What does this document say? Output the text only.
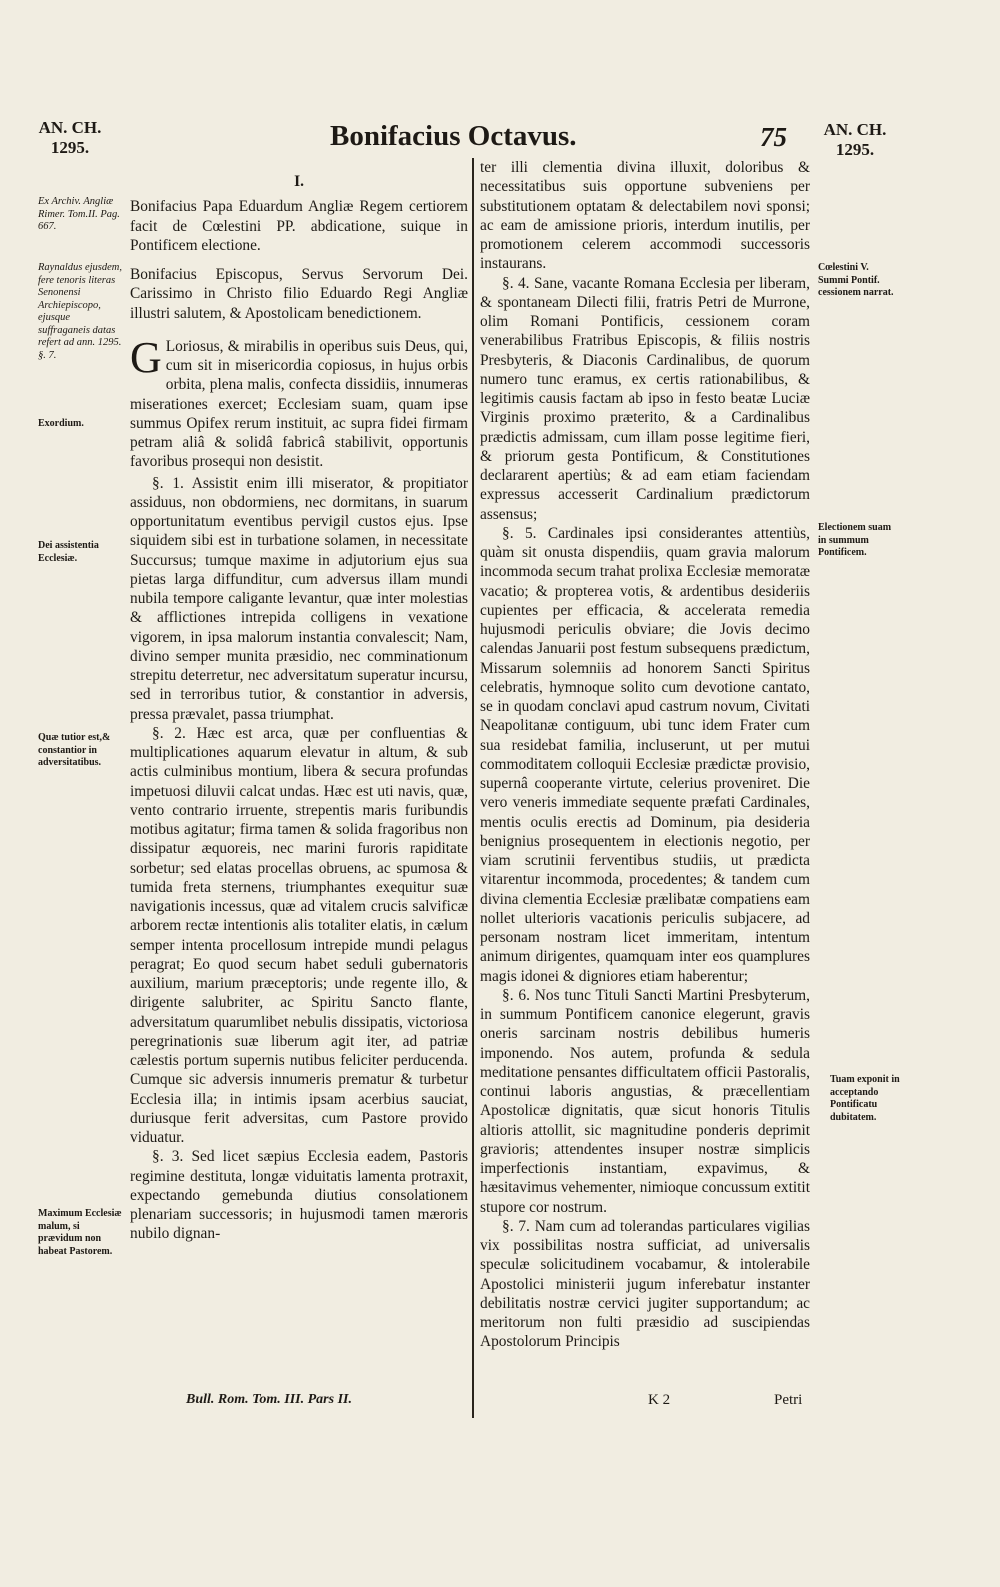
AN. CH.
1295.	Bonifacius Octavus.	75	AN. CH.
1295.
Ex Archiv. Angliæ Rimer. Tom.II. Pag. 667.
Raynaldus ejusdem, fere tenoris literas Senonensi Archiepiscopo, ejusque suffraganeis datas refert ad ann. 1295. §. 7.
Exordium.
Dei assistentia Ecclesiæ.
Quæ tutior est,& constantior in adversitatibus.
Maximum Ecclesiæ malum, si prævidum non habeat Pastorem.
Cœlestini V. Summi Pontif. cessionem narrat.
Electionem suam in summum Pontificem.
Tuam exponit in acceptando Pontificatu dubitatem.

I.

Bonifacius Papa Eduardum Angliæ Regem certiorem facit de Cœlestini PP. abdicatione, suique in Pontificem electione.

Bonifacius Episcopus, Servus Servorum Dei. Carissimo in Christo filio Eduardo Regi Angliæ illustri salutem, & Apostolicam benedictionem.

G Loriosus, & mirabilis in operibus suis Deus, qui, cum sit in misericordia copiosus, in hujus orbis orbita, plena malis, confecta dissidiis, innumeras miserationes exercet; Ecclesiam suam, quam ipse summus Opifex rerum instituit, ac supra fidei firmam petram aliâ & solidâ fabricâ stabilivit, opportunis favoribus prosequi non desistit.

§. 1. Assistit enim illi miserator, & propitiator assiduus, non obdormiens, nec dormitans, in suarum opportunitatum eventibus pervigil custos ejus. Ipse siquidem sibi est in turbatione solamen, in necessitate Succursus; tumque maxime in adjutorium ejus sua pietas larga diffunditur, cum adversus illam mundi nubila tempore caligante levantur, quæ inter molestias & afflictiones intrepida colligens in vexatione vigorem, in ipsa malorum instantia convalescit; Nam, divino semper munita præsidio, nec comminationum strepitu deterretur, nec adversitatum superatur incursu, sed in terroribus tutior, & constantior in adversis, pressa prævalet, passa triumphat.

§. 2. Hæc est arca, quæ per confluentias & multiplicationes aquarum elevatur in altum, & sub actis culminibus montium, libera & secura profundas impetuosi diluvii calcat undas. Hæc est uti navis, quæ, vento contrario irruente, strepentis maris furibundis motibus agitatur; firma tamen & solida fragoribus non dissipatur æquoreis, nec marini furoris rapiditate sorbetur; sed elatas procellas obruens, ac spumosa & tumida freta sternens, triumphantes exequitur suæ navigationis incessus, quæ ad vitalem crucis salvificæ arborem rectæ intentionis alis totaliter elatis, in cælum semper intenta procellosum intrepide mundi pelagus peragrat; Eo quod secum habet seduli gubernatoris auxilium, marium præceptoris; unde regente illo, & dirigente salubriter, ac Spiritu Sancto flante, adversitatum quarumlibet nebulis dissipatis, victoriosa peregrinationis suæ liberum agit iter, ad patriæ cælestis portum supernis nutibus feliciter perducenda. Cumque sic adversis innumeris prematur & turbetur Ecclesia illa; in intimis ipsam acerbius sauciat, duriusque ferit adversitas, cum Pastore provido viduatur.

§. 3. Sed licet sæpius Ecclesia eadem, Pastoris regimine destituta, longæ viduitatis lamenta protraxit, expectando gemebunda diutius consolationem plenariam successoris; in hujusmodi tamen mæroris nubilo dignan-

Bull. Rom. Tom. III. Pars II.

ter illi clementia divina illuxit, doloribus & necessitatibus suis opportune subveniens per substitutionem optatam & delectabilem novi sponsi; ac eam de amissione prioris, interdum inutilis, per promotionem celerem accommodi successoris instaurans.

§. 4. Sane, vacante Romana Ecclesia per liberam, & spontaneam Dilecti filii, fratris Petri de Murrone, olim Romani Pontificis, cessionem coram venerabilibus Fratribus Episcopis, & filiis nostris Presbyteris, & Diaconis Cardinalibus, de quorum numero tunc eramus, ex certis rationabilibus, & legitimis causis factam ab ipso in festo beatæ Luciæ Virginis proximo præterito, & a Cardinalibus prædictis admissam, cum illam posse legitime fieri, & priorum gesta Pontificum, & Constitutiones declararent apertiùs; & ad eam etiam faciendam expressus accesserit Cardinalium prædictorum assensus;

§. 5. Cardinales ipsi considerantes attentiùs, quàm sit onusta dispendiis, quam gravia malorum incommoda secum trahat prolixa Ecclesiæ memoratæ vacatio; & propterea votis, & ardentibus desideriis cupientes per efficacia, & accelerata remedia hujusmodi periculis obviare; die Jovis decimo calendas Januarii post festum subsequens prædictum, Missarum solemniis ad honorem Sancti Spiritus celebratis, hymnoque solito cum devotione cantato, se in quodam conclavi apud castrum novum, Civitati Neapolitanæ contiguum, ubi tunc idem Frater cum sua residebat familia, incluserunt, ut per mutui commoditatem colloquii Ecclesiæ prædictæ provisio, supernâ cooperante virtute, celerius proveniret. Die vero veneris immediate sequente præfati Cardinales, mentis oculis erectis ad Dominum, pia desideria benignius prosequentem in electionis negotio, per viam scrutinii ferventibus studiis, ut prædicta vitarentur incommoda, procedentes; & tandem cum divina clementia Ecclesiæ prælibatæ compatiens eam nollet ulterioris vacationis periculis subjacere, ad personam nostram licet immeritam, intentum animum dirigentes, quamquam inter eos quamplures magis idonei & digniores etiam haberentur;

§. 6. Nos tunc Tituli Sancti Martini Presbyterum, in summum Pontificem canonice elegerunt, gravis oneris sarcinam nostris debilibus humeris imponendo. Nos autem, profunda & sedula meditatione pensantes difficultatem officii Pastoralis, continui laboris angustias, & præcellentiam Apostolicæ dignitatis, quæ sicut honoris Titulis altioris attollit, sic magnitudine ponderis deprimit gravioris; attendentes insuper nostræ simplicis imperfectionis instantiam, expavimus, & hæsitavimus vehementer, nimioque concussum extitit stupore cor nostrum.

§. 7. Nam cum ad tolerandas particulares vigilias vix possibilitas nostra sufficiat, ad universalis speculæ solicitudinem vocabamur, & intolerabile Apostolici ministerii jugum inferebatur instanter debilitatis nostræ cervici jugiter supportandum; ac meritorum non fulti præsidio ad suscipiendas Apostolorum Principis

K 2	Petri
